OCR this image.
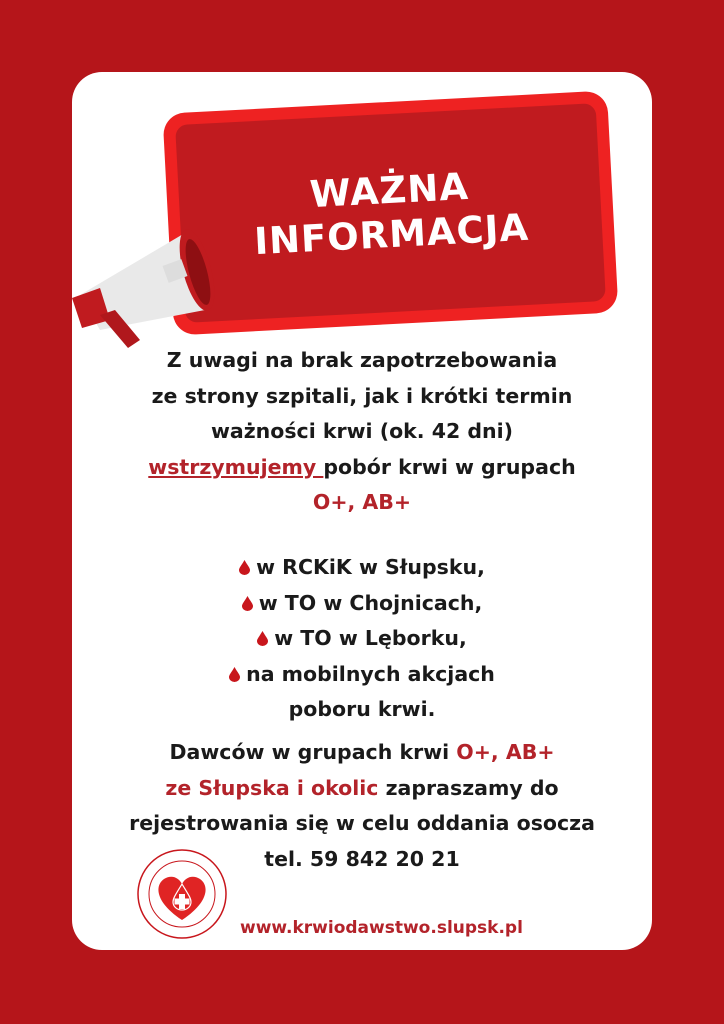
WAŻNA
INFORMACJA
Z uwagi na brak zapotrzebowania
ze strony szpitali, jak i krótki termin
ważności krwi (ok. 42 dni)
wstrzymujemy pobór krwi w grupach
O+, AB+
w RCKiK w Słupsku,
w TO w Chojnicach,
w TO w Lęborku,
na mobilnych akcjach
poboru krwi.
Dawców w grupach krwi O+, AB+
ze Słupska i okolic zapraszamy do
rejestrowania się w celu oddania osocza
tel. 59 842 20 21
www.krwiodawstwo.slupsk.pl
